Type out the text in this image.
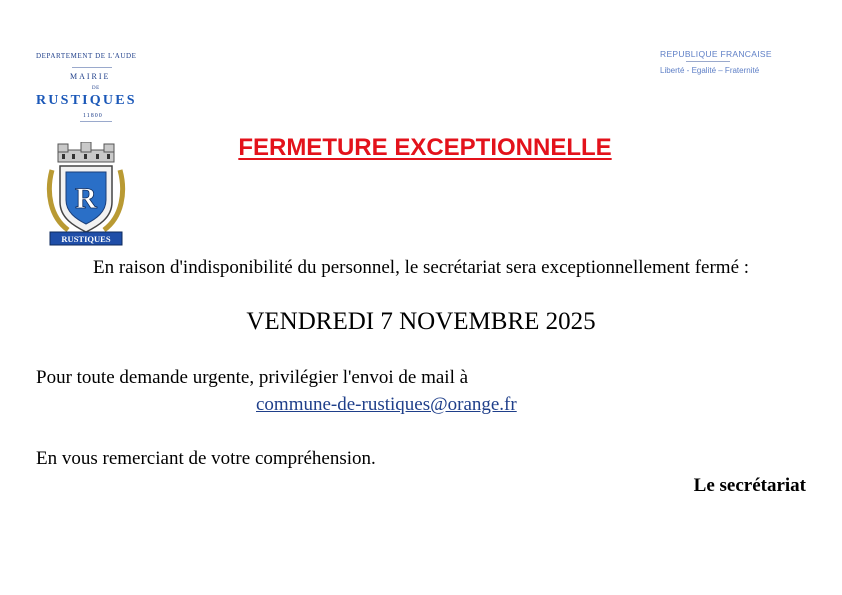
DEPARTEMENT DE L'AUDE
MAIRIE
DE
RUSTIQUES
11800
REPUBLIQUE FRANCAISE
Liberté - Egalité – Fraternité
R
RUSTIQUES
FERMETURE EXCEPTIONNELLE
En raison d'indisponibilité du personnel, le secrétariat sera exceptionnellement fermé :
VENDREDI 7 NOVEMBRE 2025
Pour toute demande urgente, privilégier l'envoi de mail à
commune-de-rustiques@orange.fr
En vous remerciant de votre compréhension.
Le secrétariat
